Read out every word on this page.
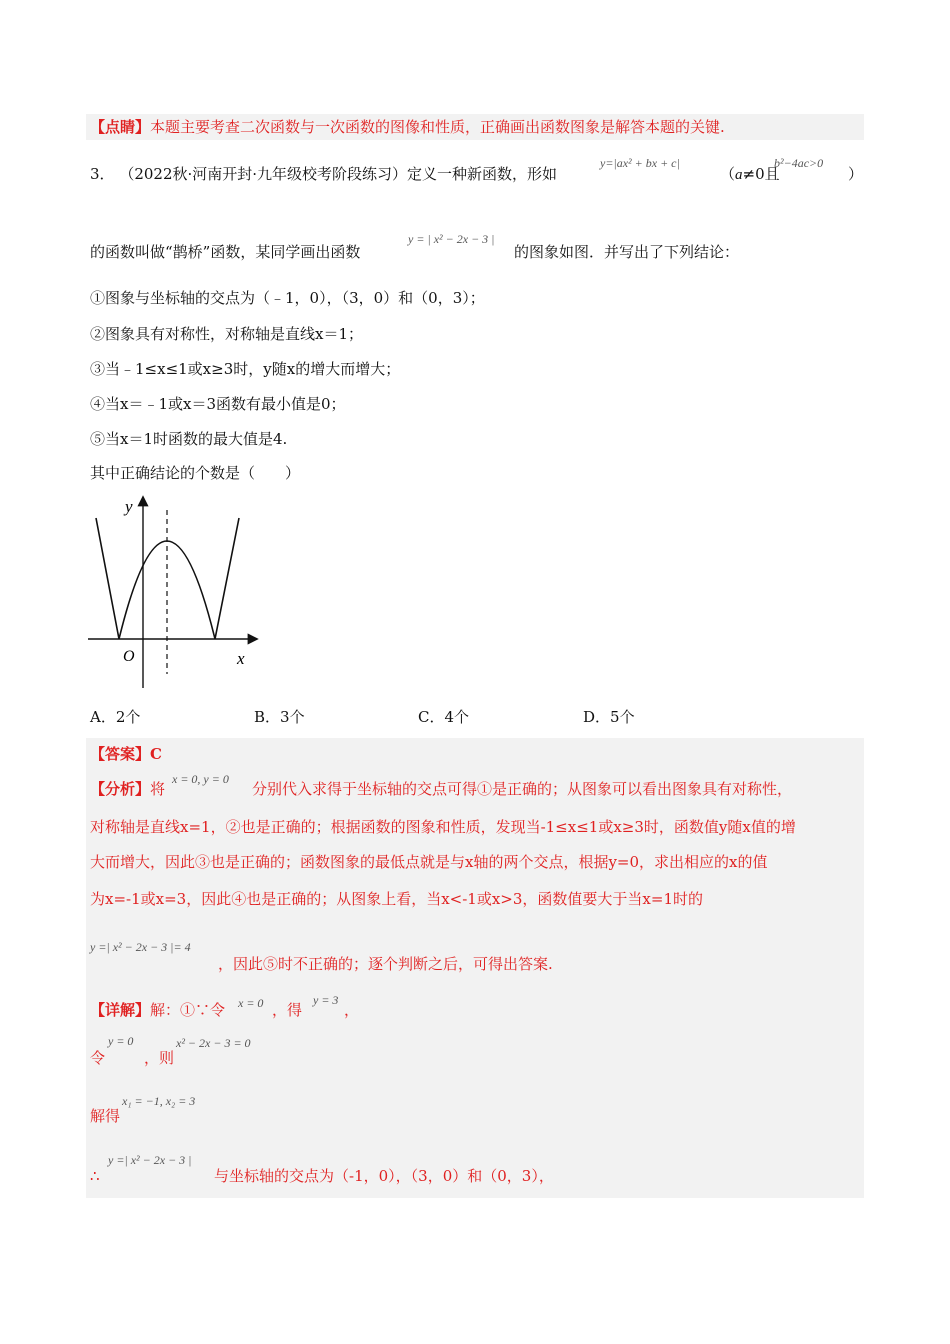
【点睛】本题主要考查二次函数与一次函数的图像和性质，正确画出函数图象是解答本题的关键.
3． （2022秋·河南开封·九年级校考阶段练习）定义一种新函数，形如
y=|ax² + bx + c|
（a≠0且
b²−4ac>0
）
的函数叫做“鹊桥”函数，某同学画出函数
y = | x² − 2x − 3 |
的图象如图．并写出了下列结论：
①图象与坐标轴的交点为（﹣1，0），（3，0）和（0，3）；
②图象具有对称性，对称轴是直线x＝1；
③当﹣1≤x≤1或x≥3时，y随x的增大而增大；
④当x＝﹣1或x＝3函数有最小值是0；
⑤当x＝1时函数的最大值是4.
其中正确结论的个数是（　　）
y
x
O
A．2个	B．3个	C．4个	D．5个
【答案】C
【分析】将
x = 0, y = 0
分别代入求得于坐标轴的交点可得①是正确的；从图象可以看出图象具有对称性，
对称轴是直线x=1，②也是正确的；根据函数的图象和性质，发现当-1≤x≤1或x≥3时，函数值y随x值的增
大而增大，因此③也是正确的；函数图象的最低点就是与x轴的两个交点，根据y=0，求出相应的x的值
为x=-1或x=3，因此④也是正确的；从图象上看，当x<-1或x>3，函数值要大于当x=1时的
y =| x² − 2x − 3 |= 4
，因此⑤时不正确的；逐个判断之后，可得出答案.
【详解】解：①∵令 x = 0 ，得
y = 3
，
令
y = 0
，则
x² − 2x − 3 = 0
解得
x₁ = −1, x₂ = 3
∴
y =| x² − 2x − 3 |
与坐标轴的交点为（-1，0），（3，0）和（0，3），
